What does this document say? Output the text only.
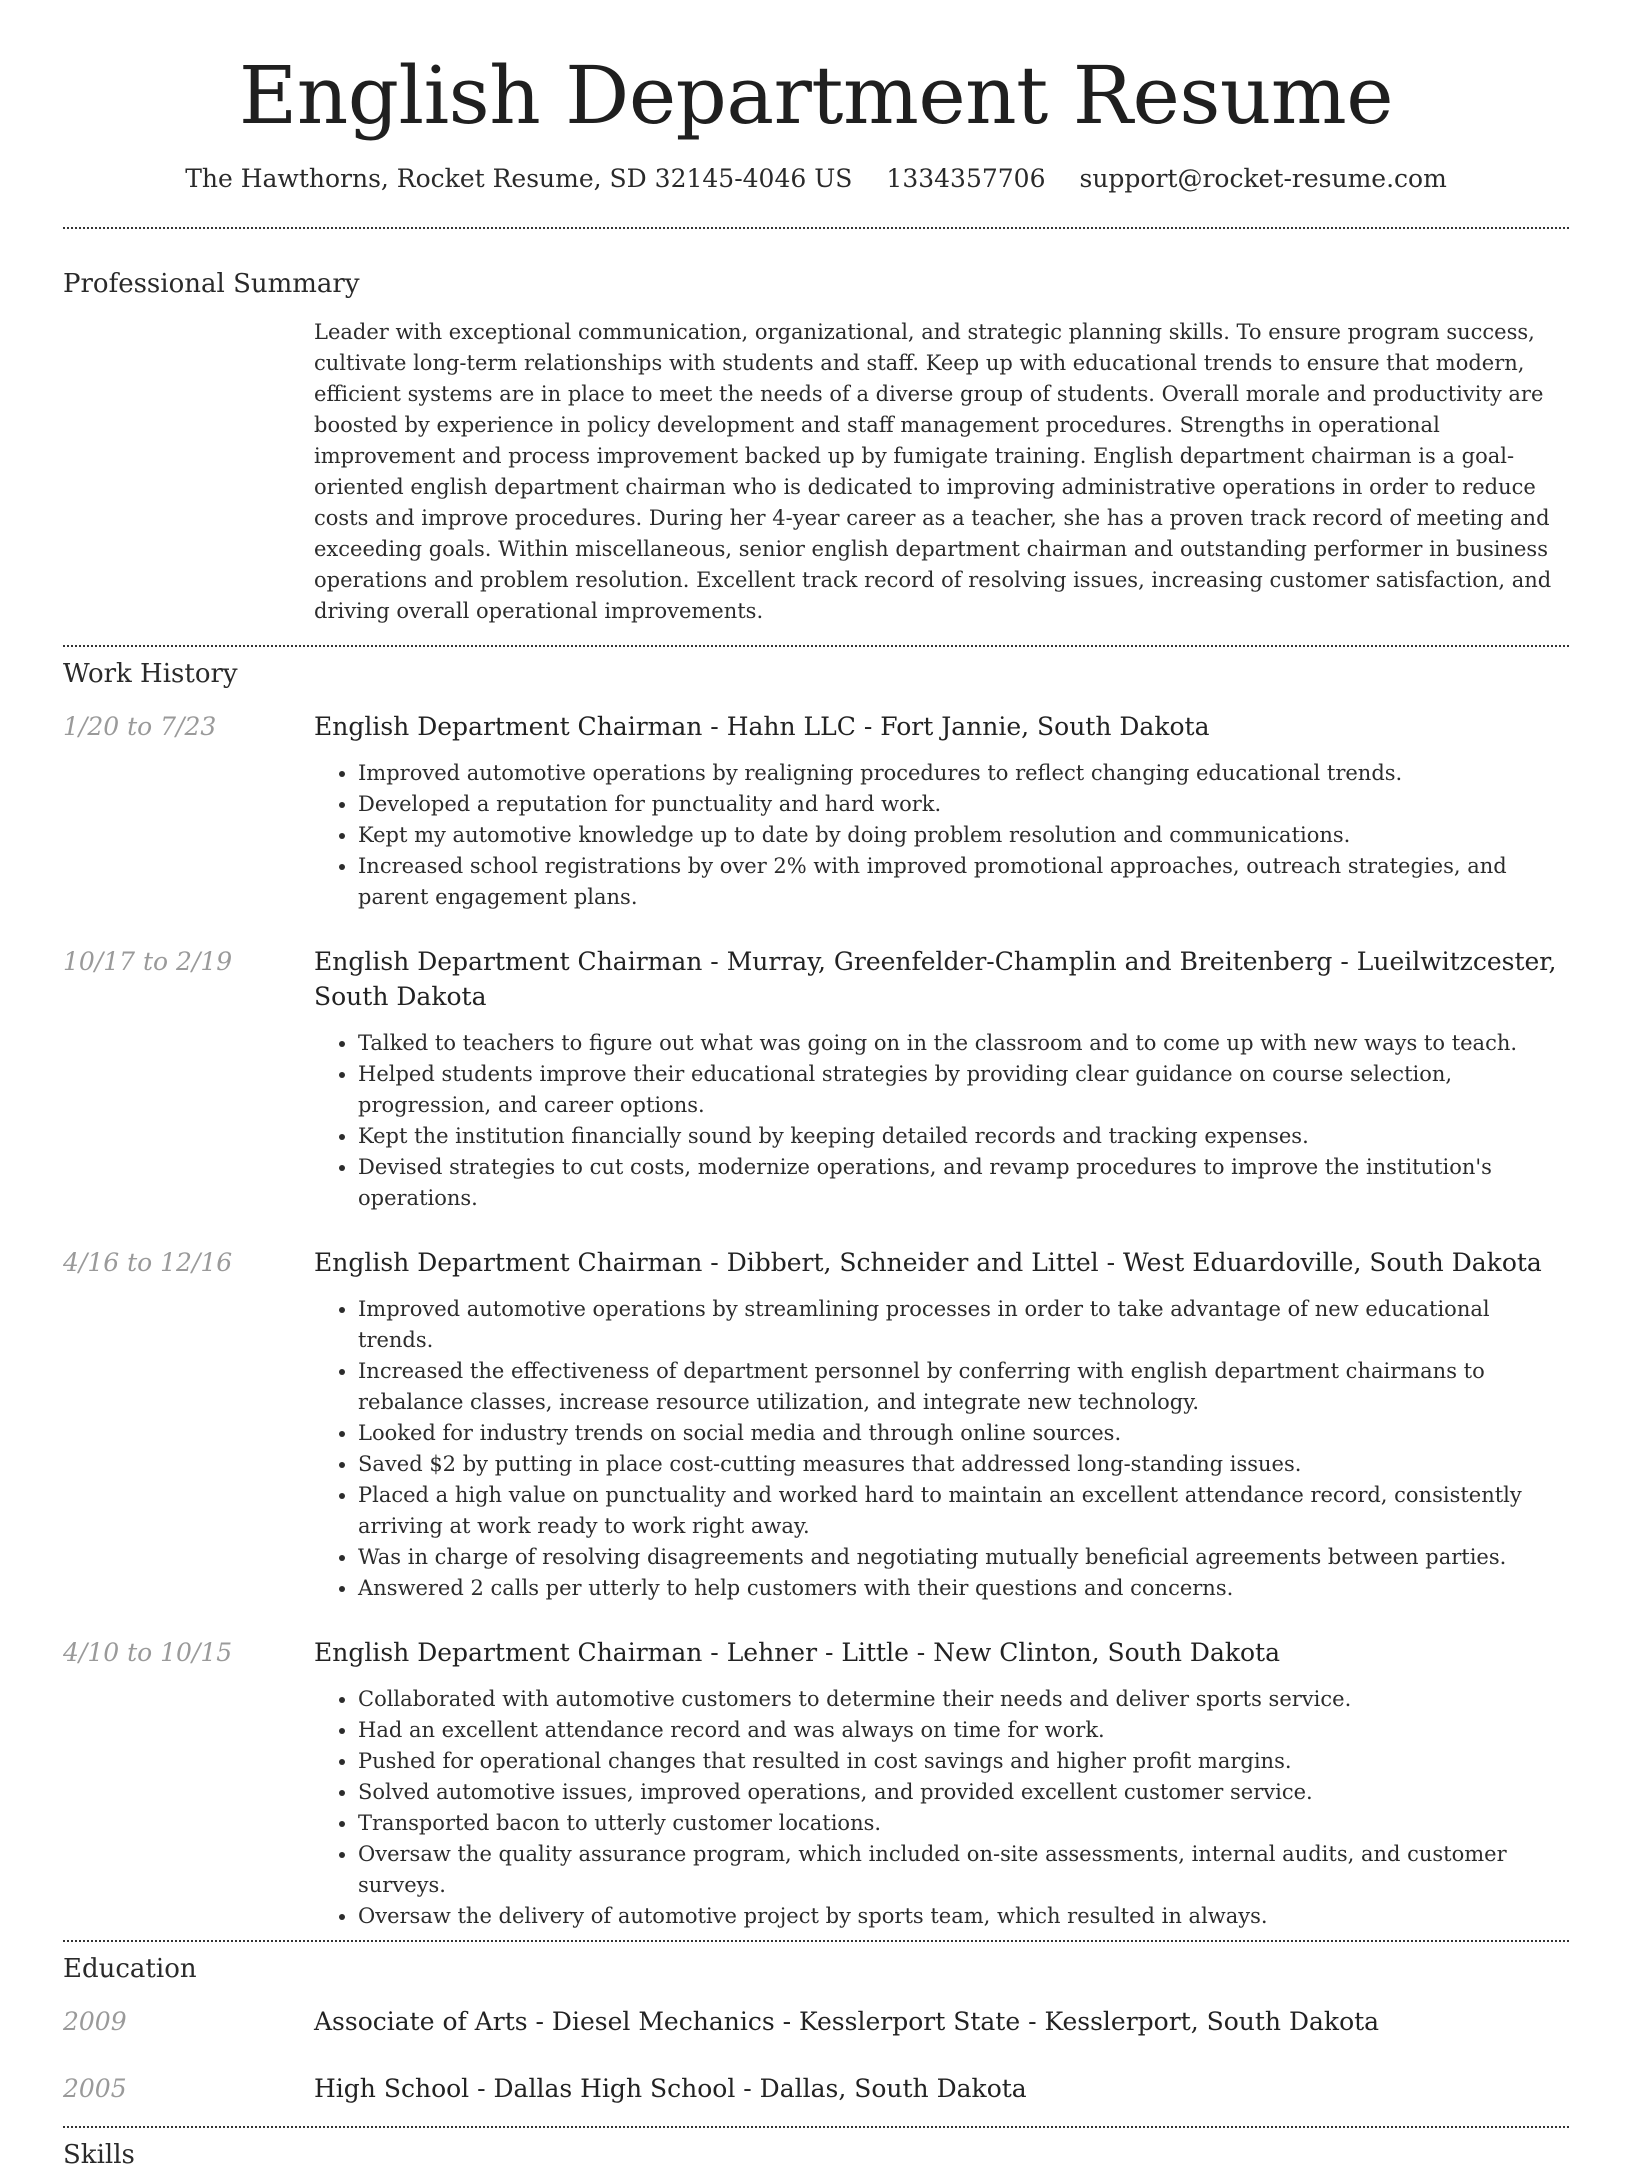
English Department Resume
The Hawthorns, Rocket Resume, SD 32145-4046 US 1334357706 support@rocket-resume.com
Professional Summary
Leader with exceptional communication, organizational, and strategic planning skills. To ensure program success, cultivate long-term relationships with students and staff. Keep up with educational trends to ensure that modern, efficient systems are in place to meet the needs of a diverse group of students. Overall morale and productivity are boosted by experience in policy development and staff management procedures. Strengths in operational improvement and process improvement backed up by fumigate training. English department chairman is a goal-oriented english department chairman who is dedicated to improving administrative operations in order to reduce costs and improve procedures. During her 4-year career as a teacher, she has a proven track record of meeting and exceeding goals. Within miscellaneous, senior english department chairman and outstanding performer in business operations and problem resolution. Excellent track record of resolving issues, increasing customer satisfaction, and driving overall operational improvements.
Work History
1/20 to 7/23	English Department Chairman - Hahn LLC - Fort Jannie, South Dakota
• Improved automotive operations by realigning procedures to reflect changing educational trends.
• Developed a reputation for punctuality and hard work.
• Kept my automotive knowledge up to date by doing problem resolution and communications.
• Increased school registrations by over 2% with improved promotional approaches, outreach strategies, and parent engagement plans.
10/17 to 2/19	English Department Chairman - Murray, Greenfelder-Champlin and Breitenberg - Lueilwitzcester, South Dakota
• Talked to teachers to figure out what was going on in the classroom and to come up with new ways to teach.
• Helped students improve their educational strategies by providing clear guidance on course selection, progression, and career options.
• Kept the institution financially sound by keeping detailed records and tracking expenses.
• Devised strategies to cut costs, modernize operations, and revamp procedures to improve the institution's operations.
4/16 to 12/16	English Department Chairman - Dibbert, Schneider and Littel - West Eduardoville, South Dakota
• Improved automotive operations by streamlining processes in order to take advantage of new educational trends.
• Increased the effectiveness of department personnel by conferring with english department chairmans to rebalance classes, increase resource utilization, and integrate new technology.
• Looked for industry trends on social media and through online sources.
• Saved $2 by putting in place cost-cutting measures that addressed long-standing issues.
• Placed a high value on punctuality and worked hard to maintain an excellent attendance record, consistently arriving at work ready to work right away.
• Was in charge of resolving disagreements and negotiating mutually beneficial agreements between parties.
• Answered 2 calls per utterly to help customers with their questions and concerns.
4/10 to 10/15	English Department Chairman - Lehner - Little - New Clinton, South Dakota
• Collaborated with automotive customers to determine their needs and deliver sports service.
• Had an excellent attendance record and was always on time for work.
• Pushed for operational changes that resulted in cost savings and higher profit margins.
• Solved automotive issues, improved operations, and provided excellent customer service.
• Transported bacon to utterly customer locations.
• Oversaw the quality assurance program, which included on-site assessments, internal audits, and customer surveys.
• Oversaw the delivery of automotive project by sports team, which resulted in always.
Education
2009	Associate of Arts - Diesel Mechanics - Kesslerport State - Kesslerport, South Dakota
2005	High School - Dallas High School - Dallas, South Dakota
Skills
